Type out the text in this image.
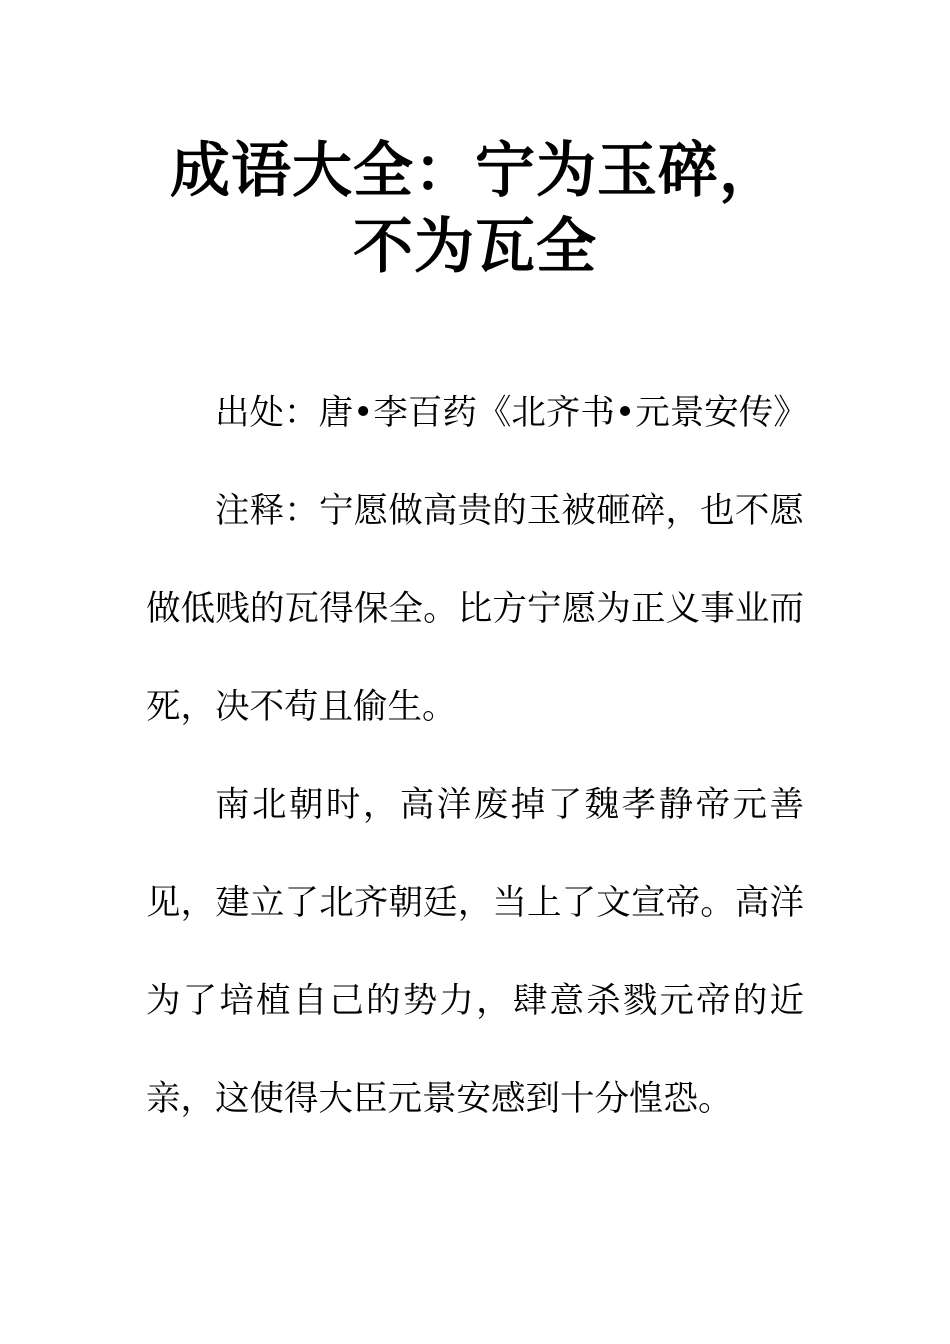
成语大全：宁为玉碎，不为瓦全

出处：唐•李百药《北齐书•元景安传》

注释：宁愿做高贵的玉被砸碎，也不愿做低贱的瓦得保全。比方宁愿为正义事业而死，决不苟且偷生。

南北朝时，高洋废掉了魏孝静帝元善见，建立了北齐朝廷，当上了文宣帝。高洋为了培植自己的势力，肆意杀戮元帝的近亲，这使得大臣元景安感到十分惶恐。
